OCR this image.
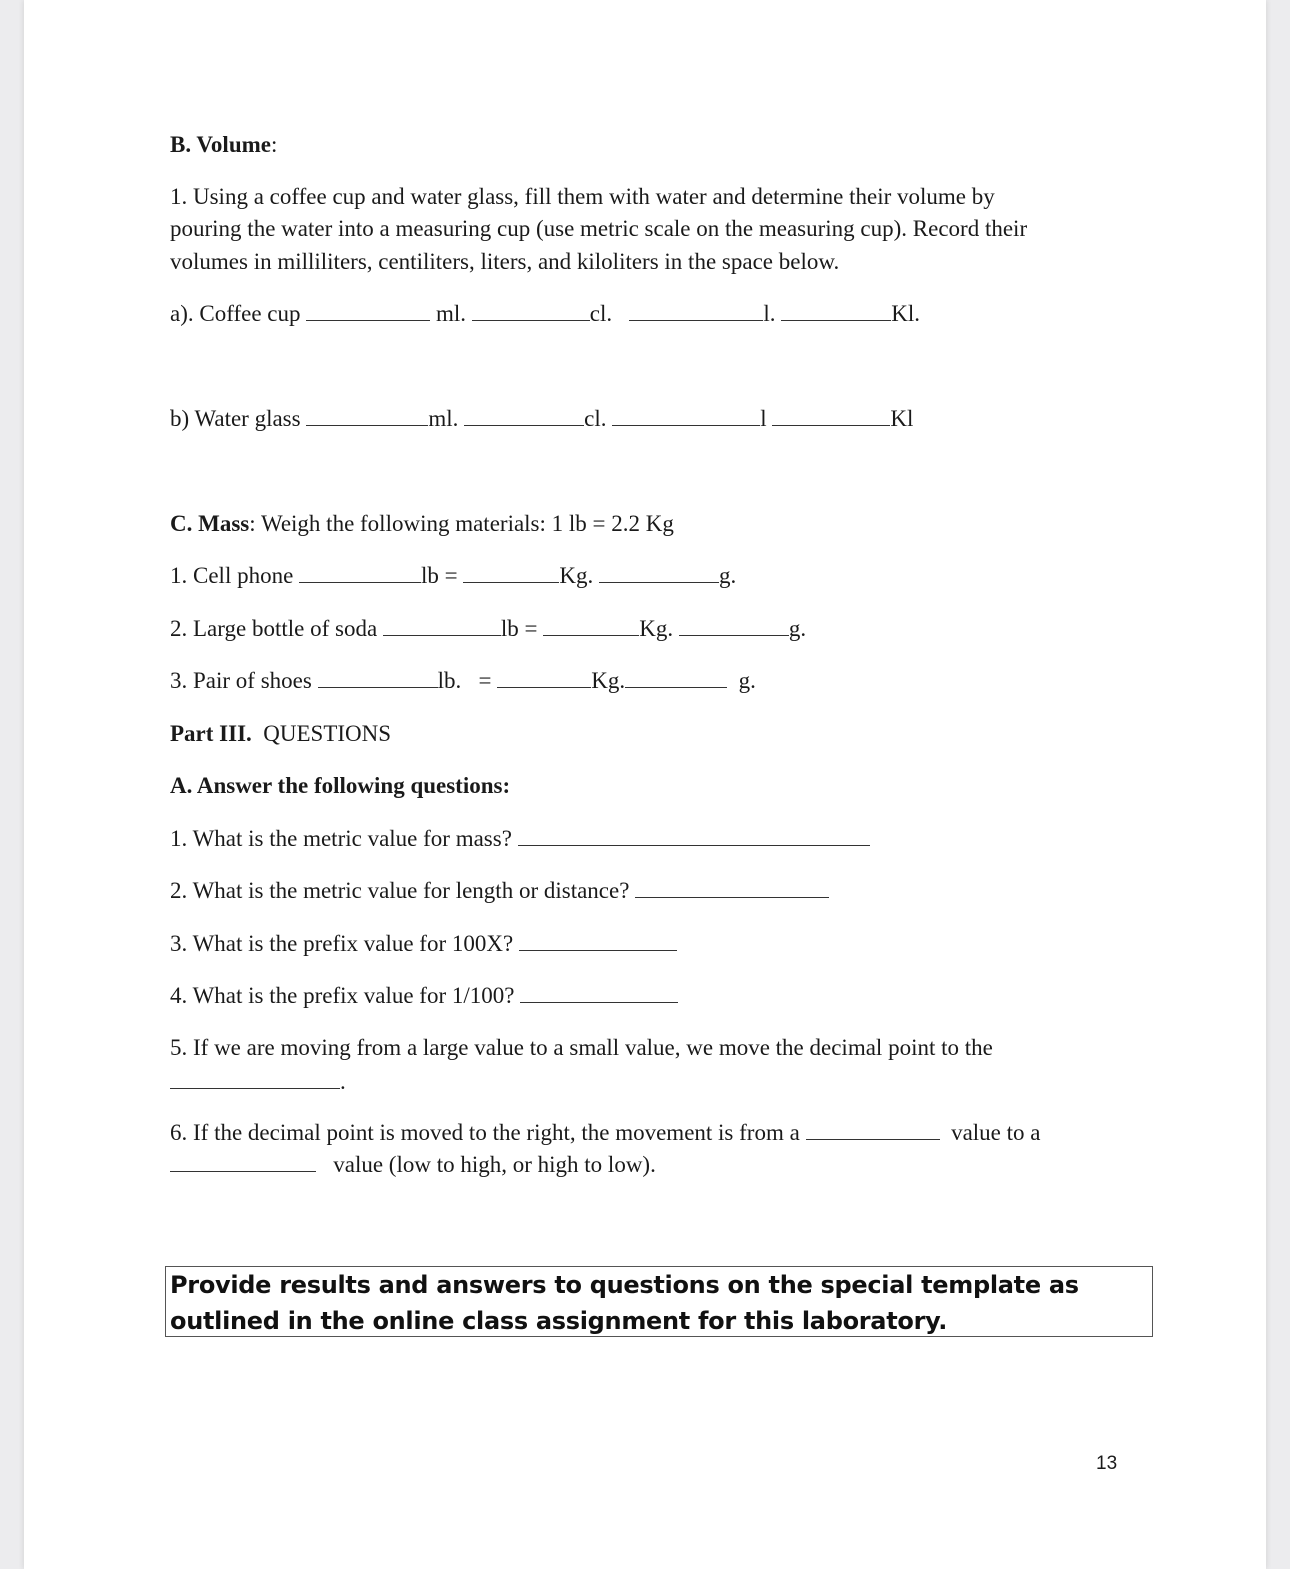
B. Volume:
1. Using a coffee cup and water glass, fill them with water and determine their volume by
pouring the water into a measuring cup (use metric scale on the measuring cup). Record their
volumes in milliliters, centiliters, liters, and kiloliters in the space below.
a). Coffee cup	ml.	cl.	l.	Kl.
b) Water glass	ml.	cl.	l	Kl
C. Mass: Weigh the following materials: 1 lb = 2.2 Kg
1. Cell phone	lb =	Kg.	g.
2. Large bottle of soda	lb =	Kg.	g.
3. Pair of shoes	lb. =	Kg.	g.
Part III. QUESTIONS
A. Answer the following questions:
1. What is the metric value for mass?
2. What is the metric value for length or distance?
3. What is the prefix value for 100X?
4. What is the prefix value for 1/100?
5. If we are moving from a large value to a small value, we move the decimal point to the
.
6. If the decimal point is moved to the right, the movement is from a	value to a
value (low to high, or high to low).
Provide results and answers to questions on the special template as outlined in the online class assignment for this laboratory.
13
